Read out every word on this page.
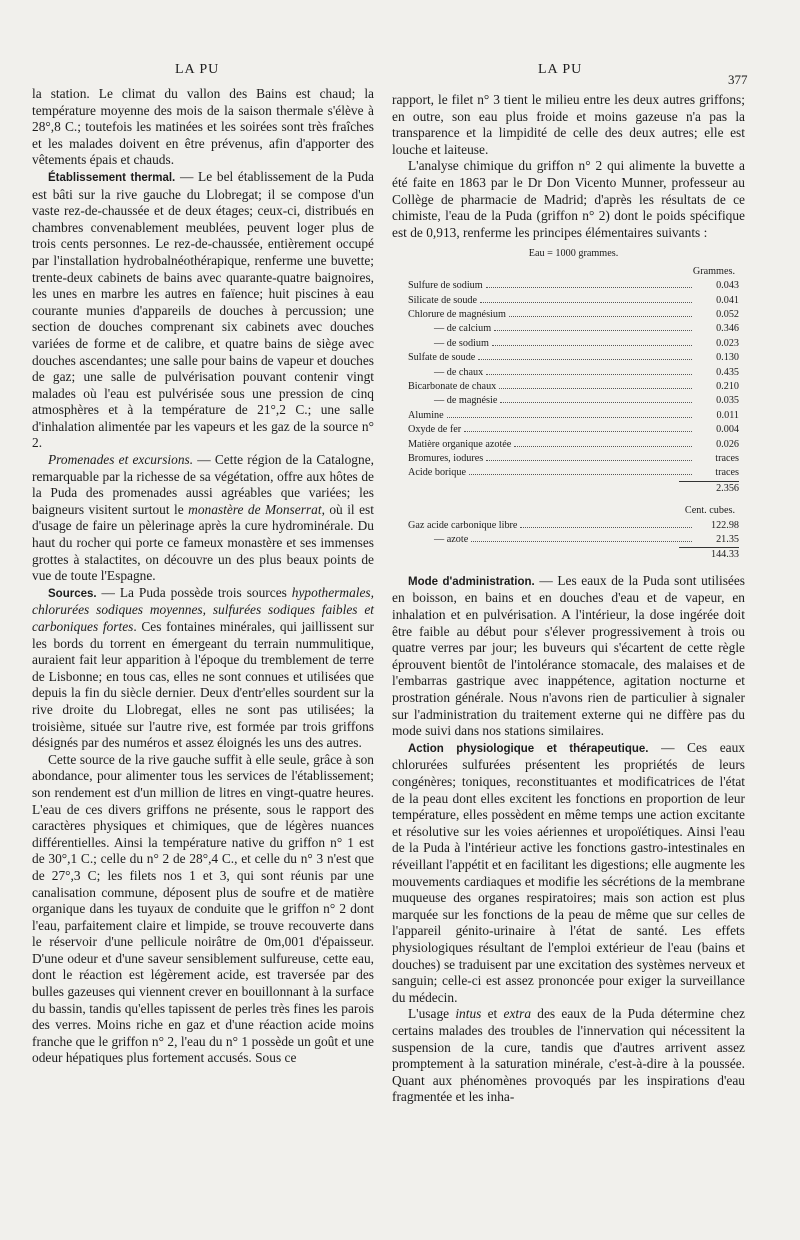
LA PU	LA PU
377

la station. Le climat du vallon des Bains est chaud; la température moyenne des mois de la saison thermale s'élève à 28°,8 C.; toutefois les matinées et les soirées sont très fraîches et les malades doivent en être prévenus, afin d'apporter des vêtements épais et chauds.

Établissement thermal. — Le bel établissement de la Puda est bâti sur la rive gauche du Llobregat; il se compose d'un vaste rez-de-chaussée et de deux étages; ceux-ci, distribués en chambres convenablement meublées, peuvent loger plus de trois cents personnes. Le rez-de-chaussée, entièrement occupé par l'installation hydrobalnéothérapique, renferme une buvette; trente-deux cabinets de bains avec quarante-quatre baignoires, les unes en marbre les autres en faïence; huit piscines à eau courante munies d'appareils de douches à percussion; une section de douches comprenant six cabinets avec douches variées de forme et de calibre, et quatre bains de siège avec douches ascendantes; une salle pour bains de vapeur et douches de gaz; une salle de pulvérisation pouvant contenir vingt malades où l'eau est pulvérisée sous une pression de cinq atmosphères et à la température de 21°,2 C.; une salle d'inhalation alimentée par les vapeurs et les gaz de la source n° 2.

Promenades et excursions. — Cette région de la Catalogne, remarquable par la richesse de sa végétation, offre aux hôtes de la Puda des promenades aussi agréables que variées; les baigneurs visitent surtout le monastère de Monserrat, où il est d'usage de faire un pèlerinage après la cure hydrominérale. Du haut du rocher qui porte ce fameux monastère et ses immenses grottes à stalactites, on découvre un des plus beaux points de vue de toute l'Espagne.

Sources. — La Puda possède trois sources hypothermales, chlorurées sodiques moyennes, sulfurées sodiques faibles et carboniques fortes. Ces fontaines minérales, qui jaillissent sur les bords du torrent en émergeant du terrain nummulitique, auraient fait leur apparition à l'époque du tremblement de terre de Lisbonne; en tous cas, elles ne sont connues et utilisées que depuis la fin du siècle dernier. Deux d'entr'elles sourdent sur la rive droite du Llobregat, elles ne sont pas utilisées; la troisième, située sur l'autre rive, est formée par trois griffons désignés par des numéros et assez éloignés les uns des autres.

Cette source de la rive gauche suffit à elle seule, grâce à son abondance, pour alimenter tous les services de l'établissement; son rendement est d'un million de litres en vingt-quatre heures. L'eau de ces divers griffons ne présente, sous le rapport des caractères physiques et chimiques, que de légères nuances différentielles. Ainsi la température native du griffon n° 1 est de 30°,1 C.; celle du n° 2 de 28°,4 C., et celle du n° 3 n'est que de 27°,3 C; les filets nos 1 et 3, qui sont réunis par une canalisation commune, déposent plus de soufre et de matière organique dans les tuyaux de conduite que le griffon n° 2 dont l'eau, parfaitement claire et limpide, se trouve recouverte dans le réservoir d'une pellicule noirâtre de 0m,001 d'épaisseur. D'une odeur et d'une saveur sensiblement sulfureuse, cette eau, dont le réaction est légèrement acide, est traversée par des bulles gazeuses qui viennent crever en bouillonnant à la surface du bassin, tandis qu'elles tapissent de perles très fines les parois des verres. Moins riche en gaz et d'une réaction acide moins franche que le griffon n° 2, l'eau du n° 1 possède un goût et une odeur hépatiques plus fortement accusés. Sous ce

rapport, le filet n° 3 tient le milieu entre les deux autres griffons; en outre, son eau plus froide et moins gazeuse n'a pas la transparence et la limpidité de celle des deux autres; elle est louche et laiteuse.

L'analyse chimique du griffon n° 2 qui alimente la buvette a été faite en 1863 par le Dr Don Vicento Munner, professeur au Collège de pharmacie de Madrid; d'après les résultats de ce chimiste, l'eau de la Puda (griffon n° 2) dont le poids spécifique est de 0,913, renferme les principes élémentaires suivants :

Eau = 1000 grammes.
Grammes.
Sulfure de sodium	0.043
Silicate de soude	0.041
Chlorure de magnésium	0.052
— de calcium	0.346
— de sodium	0.023
Sulfate de soude	0.130
— de chaux	0.435
Bicarbonate de chaux	0.210
— de magnésie	0.035
Alumine	0.011
Oxyde de fer	0.004
Matière organique azotée	0.026
Bromures, iodures	traces
Acide borique	traces
2.356
Cent. cubes.
Gaz acide carbonique libre	122.98
— azote	21.35
144.33

Mode d'administration. — Les eaux de la Puda sont utilisées en boisson, en bains et en douches d'eau et de vapeur, en inhalation et en pulvérisation. A l'intérieur, la dose ingérée doit être faible au début pour s'élever progressivement à trois ou quatre verres par jour; les buveurs qui s'écartent de cette règle éprouvent bientôt de l'intolérance stomacale, des malaises et de l'embarras gastrique avec inappétence, agitation nocturne et prostration générale. Nous n'avons rien de particulier à signaler sur l'administration du traitement externe qui ne diffère pas du mode suivi dans nos stations similaires.

Action physiologique et thérapeutique. — Ces eaux chlorurées sulfurées présentent les propriétés de leurs congénères; toniques, reconstituantes et modificatrices de l'état de la peau dont elles excitent les fonctions en proportion de leur température, elles possèdent en même temps une action excitante et résolutive sur les voies aériennes et uropoïétiques. Ainsi l'eau de la Puda à l'intérieur active les fonctions gastro-intestinales en réveillant l'appétit et en facilitant les digestions; elle augmente les mouvements cardiaques et modifie les sécrétions de la membrane muqueuse des organes respiratoires; mais son action est plus marquée sur les fonctions de la peau de même que sur celles de l'appareil génito-urinaire à l'état de santé. Les effets physiologiques résultant de l'emploi extérieur de l'eau (bains et douches) se traduisent par une excitation des systèmes nerveux et sanguin; celle-ci est assez prononcée pour exiger la surveillance du médecin.

L'usage intus et extra des eaux de la Puda détermine chez certains malades des troubles de l'innervation qui nécessitent la suspension de la cure, tandis que d'autres arrivent assez promptement à la saturation minérale, c'est-à-dire à la poussée. Quant aux phénomènes provoqués par les inspirations d'eau fragmentée et les inha-
